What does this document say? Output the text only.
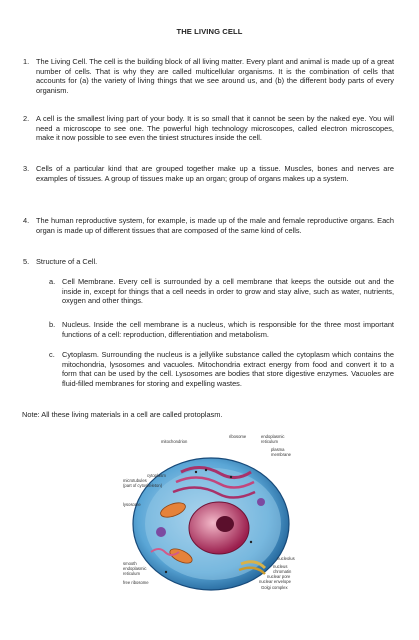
THE LIVING CELL
1. The Living Cell. The cell is the building block of all living matter. Every plant and animal is made up of a great number of cells. That is why they are called multicellular organisms. It is the combination of cells that accounts for (a) the variety of living things that we see around us, and (b) the different body parts of every organism.
2. A cell is the smallest living part of your body. It is so small that it cannot be seen by the naked eye. You will need a microscope to see one. The powerful high technology microscopes, called electron microscopes, make it now possible to see even the tiniest structures inside the cell.
3. Cells of a particular kind that are grouped together make up a tissue. Muscles, bones and nerves are examples of tissues. A group of tissues make up an organ; group of organs makes up a system.
4. The human reproductive system, for example, is made up of the male and female reproductive organs. Each organ is made up of different tissues that are composed of the same kind of cells.
5. Structure of a Cell.
a. Cell Membrane. Every cell is surrounded by a cell membrane that keeps the outside out and the inside in, except for things that a cell needs in order to grow and stay alive, such as water, nutrients, oxygen and other things.
b. Nucleus. Inside the cell membrane is a nucleus, which is responsible for the three most important functions of a cell: reproduction, differentiation and metabolism.
c. Cytoplasm. Surrounding the nucleus is a jellylike substance called the cytoplasm which contains the mitochondria, lysosomes and vacuoles. Mitochondria extract energy from food and convert it to a form that can be used by the cell. Lysosomes are bodies that store digestive enzymes. Vacuoles are fluid-filled membranes for storing and expelling wastes.
Note: All these living materials in a cell are called protoplasm.
mitochondrion
ribosome	endoplasmic
reticulum
plasma
membrane
cytoplasm
microtubules
(part of cytoskeleton)
lysosome
nucleolus
nucleus
chromatin
nuclear pore
nuclear envelope
Golgi complex
smooth
endoplasmic
reticulum
free ribosome
